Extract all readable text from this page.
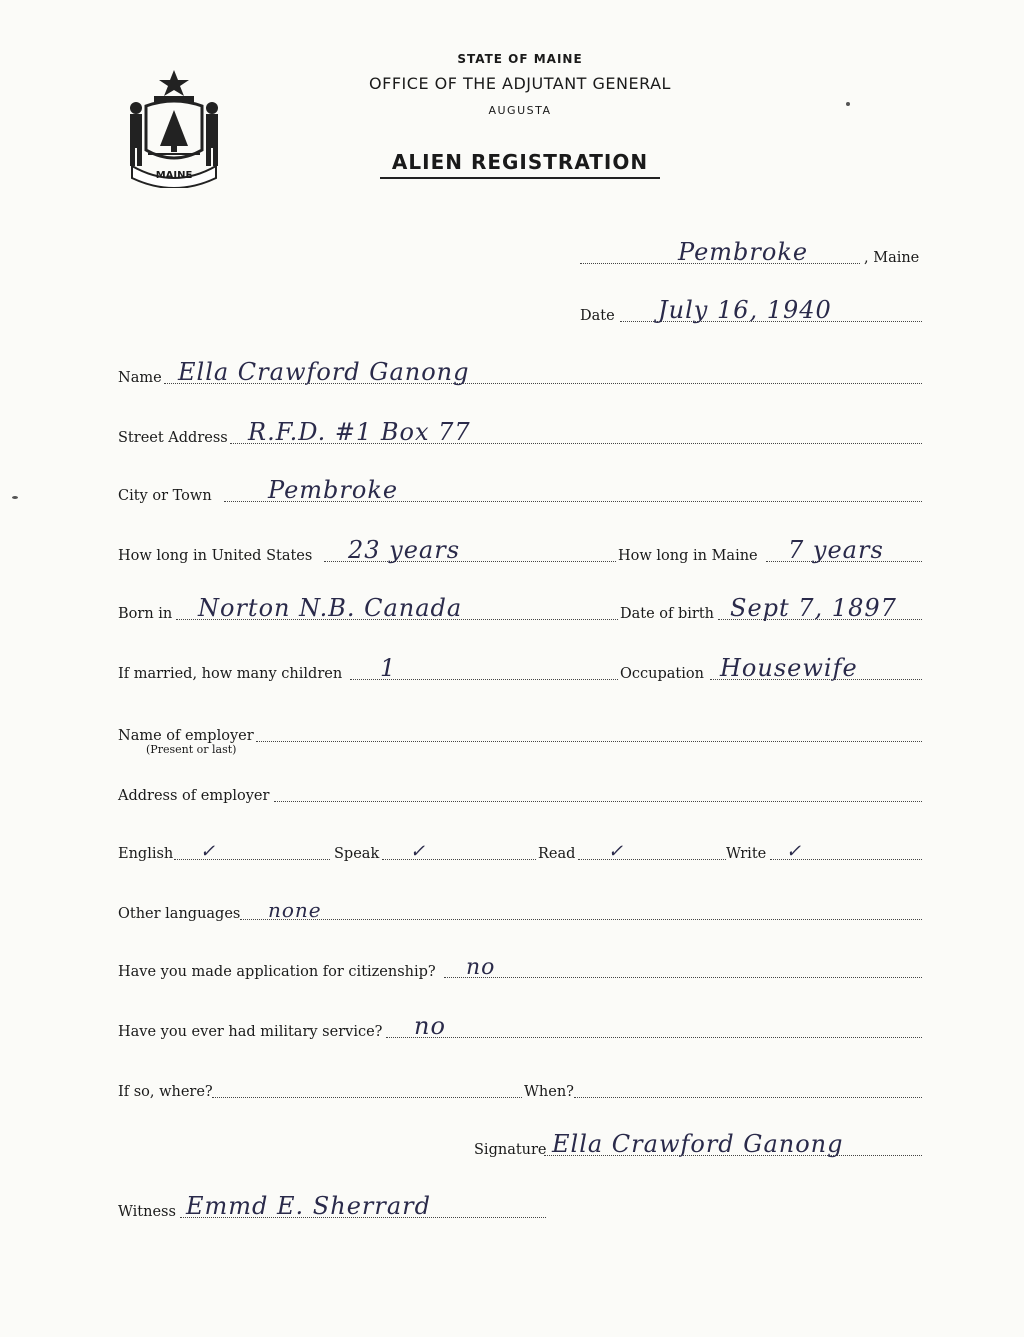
MAINE
STATE OF MAINE
OFFICE OF THE ADJUTANT GENERAL
AUGUSTA
ALIEN REGISTRATION
Pembroke	, Maine
Date July 16, 1940
Name Ella Crawford Ganong
Street Address R.F.D. #1 Box 77
City or Town Pembroke
How long in United States 23 years	How long in Maine 7 years
Born in Norton N.B. Canada	Date of birth Sept 7, 1897
If married, how many children 1	Occupation Housewife
Name of employer
(Present or last)
Address of employer
English ✓	Speak ✓	Read ✓	Write ✓
Other languages none
Have you made application for citizenship? no
Have you ever had military service? no
If so, where?	When?
Signature Ella Crawford Ganong
Witness Emmd E. Sherrard
